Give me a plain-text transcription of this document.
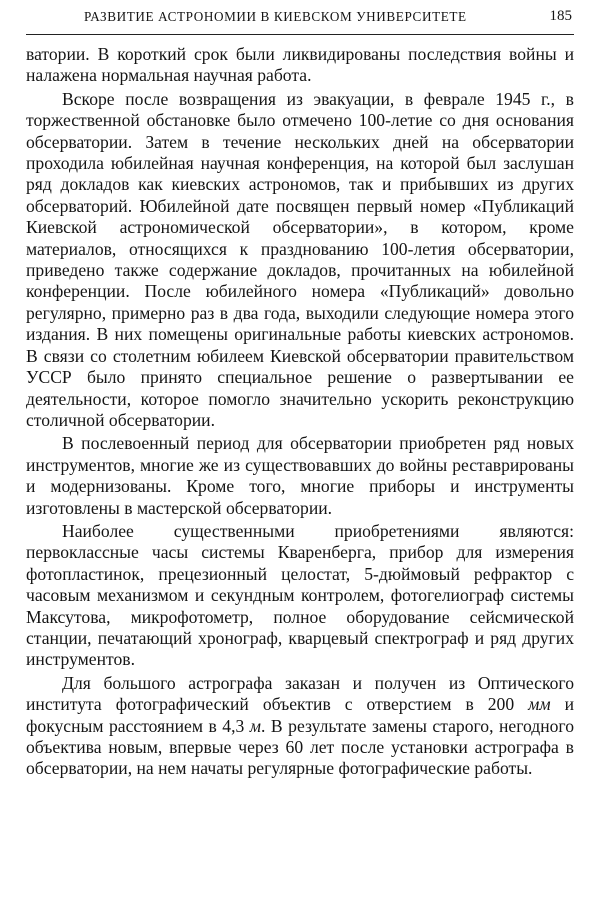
РАЗВИТИЕ АСТРОНОМИИ В КИЕВСКОМ УНИВЕРСИТЕТЕ	185

ватории. В короткий срок были ликвидированы последствия войны и налажена нормальная научная работа.

Вскоре после возвращения из эвакуации, в феврале 1945 г., в торжественной обстановке было отмечено 100-летие со дня основания обсерватории. Затем в течение нескольких дней на обсерватории проходила юбилейная научная конференция, на которой был заслушан ряд докладов как киевских астрономов, так и прибывших из других обсерваторий. Юбилейной дате посвящен первый номер «Публикаций Киевской астрономической обсерватории», в котором, кроме материалов, относящихся к празднованию 100-летия обсерватории, приведено также содержание докладов, прочитанных на юбилейной конференции. После юбилейного номера «Публикаций» довольно регулярно, примерно раз в два года, выходили следующие номера этого издания. В них помещены оригинальные работы киевских астрономов. В связи со столетним юбилеем Киевской обсерватории правительством УССР было принято специальное решение о развертывании ее деятельности, которое помогло значительно ускорить реконструкцию столичной обсерватории.

В послевоенный период для обсерватории приобретен ряд новых инструментов, многие же из существовавших до войны реставрированы и модернизованы. Кроме того, многие приборы и инструменты изготовлены в мастерской обсерватории.

Наиболее существенными приобретениями являются: первоклассные часы системы Кваренберга, прибор для измерения фотопластинок, прецезионный целостат, 5-дюймовый рефрактор с часовым механизмом и секундным контролем, фотогелиограф системы Максутова, микрофотометр, полное оборудование сейсмической станции, печатающий хронограф, кварцевый спектрограф и ряд других инструментов.

Для большого астрографа заказан и получен из Оптического института фотографический объектив с отверстием в 200 мм и фокусным расстоянием в 4,3 м. В результате замены старого, негодного объектива новым, впервые через 60 лет после установки астрографа в обсерватории, на нем начаты регулярные фотографические работы.
